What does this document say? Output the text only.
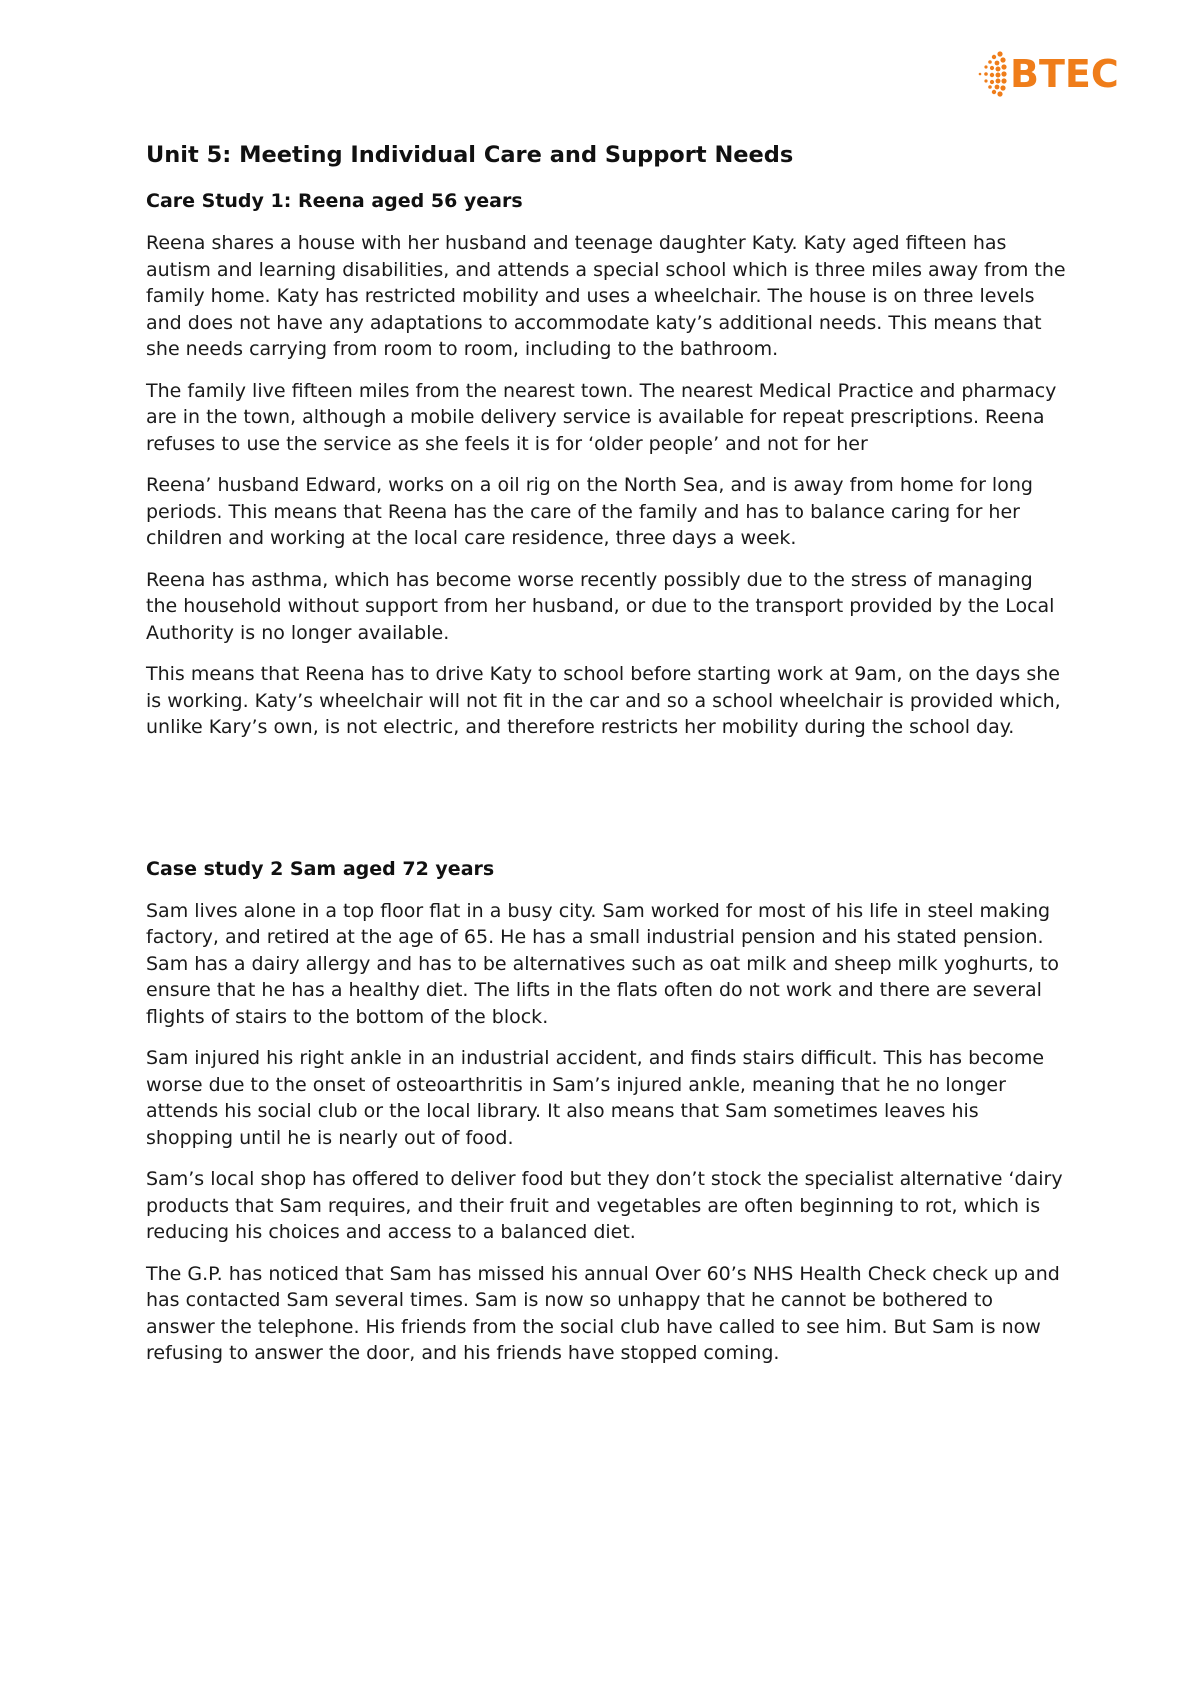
BTEC
Unit 5: Meeting Individual Care and Support Needs
Care Study 1: Reena aged 56 years

Reena shares a house with her husband and teenage daughter Katy. Katy aged fifteen has autism and learning disabilities, and attends a special school which is three miles away from the family home. Katy has restricted mobility and uses a wheelchair. The house is on three levels and does not have any adaptations to accommodate katy’s additional needs. This means that she needs carrying from room to room, including to the bathroom.

The family live fifteen miles from the nearest town. The nearest Medical Practice and pharmacy are in the town, although a mobile delivery service is available for repeat prescriptions. Reena refuses to use the service as she feels it is for ‘older people’ and not for her

Reena’ husband Edward, works on a oil rig on the North Sea, and is away from home for long periods. This means that Reena has the care of the family and has to balance caring for her children and working at the local care residence, three days a week.

Reena has asthma, which has become worse recently possibly due to the stress of managing the household without support from her husband, or due to the transport provided by the Local Authority is no longer available.

This means that Reena has to drive Katy to school before starting work at 9am, on the days she is working. Katy’s wheelchair will not fit in the car and so a school wheelchair is provided which, unlike Kary’s own, is not electric, and therefore restricts her mobility during the school day.

Case study 2 Sam aged 72 years

Sam lives alone in a top floor flat in a busy city. Sam worked for most of his life in steel making factory, and retired at the age of 65. He has a small industrial pension and his stated pension. Sam has a dairy allergy and has to be alternatives such as oat milk and sheep milk yoghurts, to ensure that he has a healthy diet. The lifts in the flats often do not work and there are several flights of stairs to the bottom of the block.

Sam injured his right ankle in an industrial accident, and finds stairs difficult. This has become worse due to the onset of osteoarthritis in Sam’s injured ankle, meaning that he no longer attends his social club or the local library. It also means that Sam sometimes leaves his shopping until he is nearly out of food.

Sam’s local shop has offered to deliver food but they don’t stock the specialist alternative ‘dairy products that Sam requires, and their fruit and vegetables are often beginning to rot, which is reducing his choices and access to a balanced diet.

The G.P. has noticed that Sam has missed his annual Over 60’s NHS Health Check check up and has contacted Sam several times. Sam is now so unhappy that he cannot be bothered to answer the telephone. His friends from the social club have called to see him. But Sam is now refusing to answer the door, and his friends have stopped coming.
